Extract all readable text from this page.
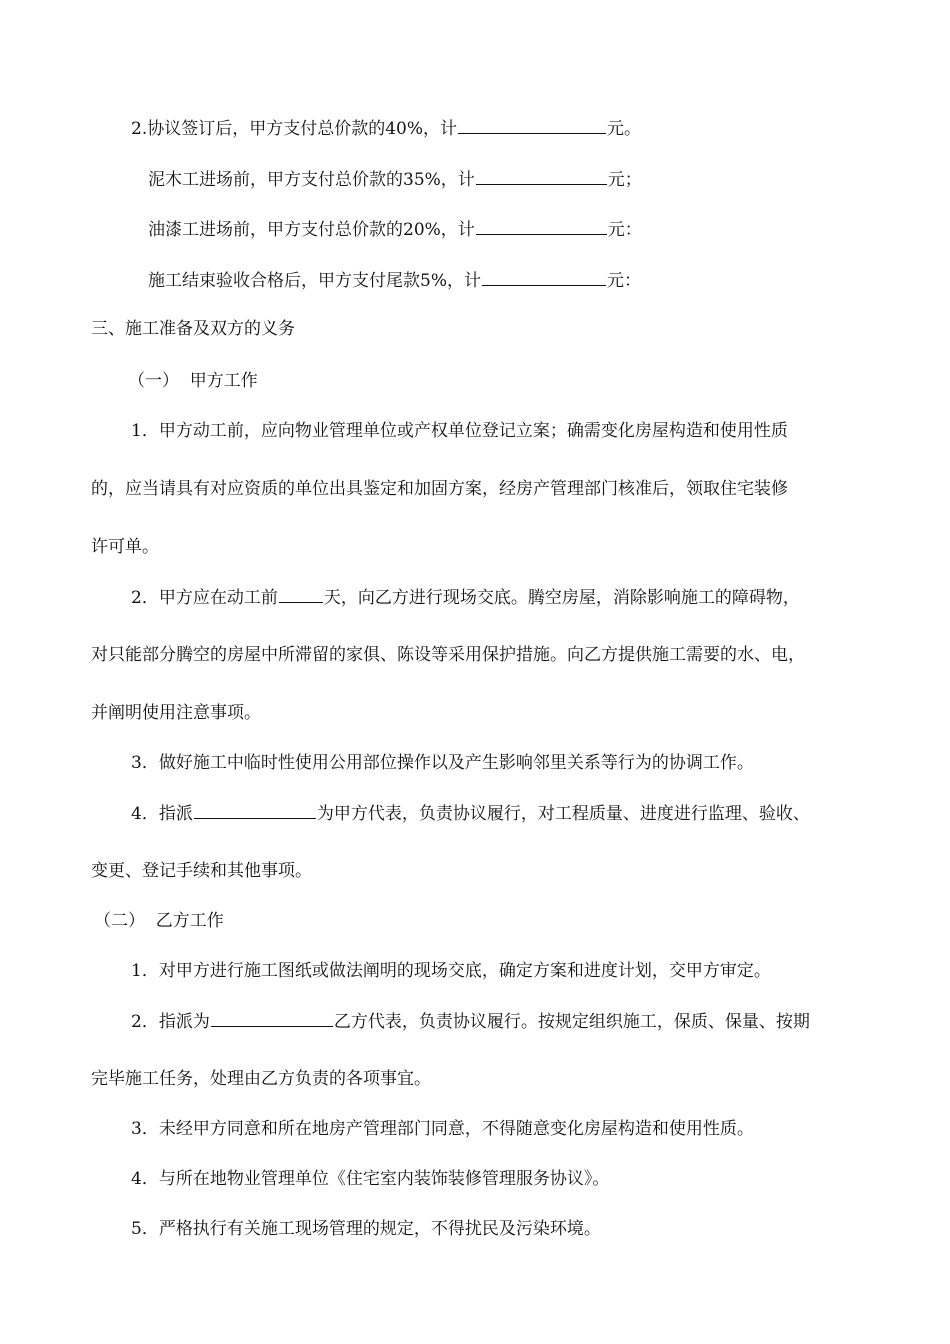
2.协议签订后，甲方支付总价款的40%，计	元。
泥木工进场前，甲方支付总价款的35%，计	元；
油漆工进场前，甲方支付总价款的20%，计	元：
施工结束验收合格后，甲方支付尾款5%，计	元：
三、施工准备及双方的义务
（一）  甲方工作
1．甲方动工前，应向物业管理单位或产权单位登记立案；确需变化房屋构造和使用性质
的，应当请具有对应资质的单位出具鉴定和加固方案，经房产管理部门核准后，领取住宅装修
许可单。
2．甲方应在动工前	天，向乙方进行现场交底。腾空房屋，消除影响施工的障碍物，
对只能部分腾空的房屋中所滞留的家俱、陈设等采用保护措施。向乙方提供施工需要的水、电，
并阐明使用注意事项。
3．做好施工中临时性使用公用部位操作以及产生影响邻里关系等行为的协调工作。
4．指派	为甲方代表，负责协议履行，对工程质量、进度进行监理、验收、
变更、登记手续和其他事项。
（二）  乙方工作
1．对甲方进行施工图纸或做法阐明的现场交底，确定方案和进度计划，交甲方审定。
2．指派为	乙方代表，负责协议履行。按规定组织施工，保质、保量、按期
完毕施工任务，处理由乙方负责的各项事宜。
3．未经甲方同意和所在地房产管理部门同意，不得随意变化房屋构造和使用性质。
4．与所在地物业管理单位《住宅室内装饰装修管理服务协议》。
5．严格执行有关施工现场管理的规定，不得扰民及污染环境。
